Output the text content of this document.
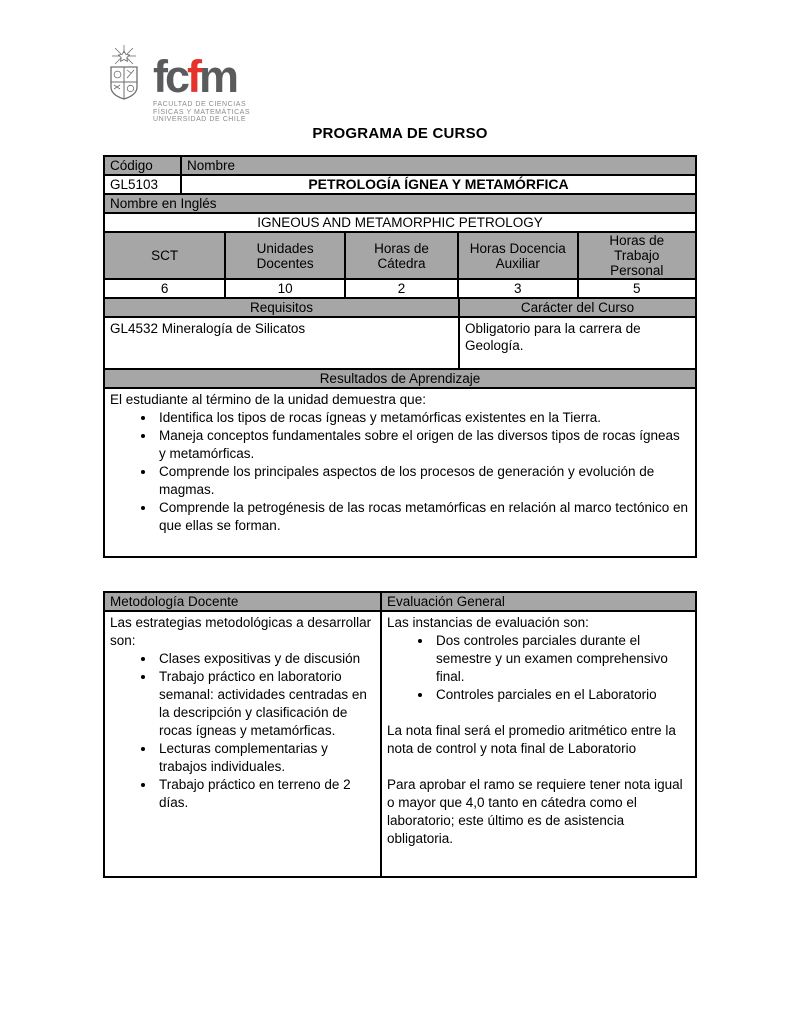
fcfm
FACULTAD DE CIENCIAS
FÍSICAS Y MATEMÁTICAS
UNIVERSIDAD DE CHILE
PROGRAMA DE CURSO
Código	Nombre
GL5103	PETROLOGÍA ÍGNEA Y METAMÓRFICA
Nombre en Inglés	
IGNEOUS AND METAMORPHIC PETROLOGY	
SCT	Unidades Docentes	Horas de Cátedra	Horas Docencia Auxiliar	Horas de Trabajo Personal
6	10	2	3	5
Requisitos	Carácter del Curso
GL4532 Mineralogía de Silicatos	Obligatorio para la carrera de Geología.
Resultados de Aprendizaje

El estudiante al término de la unidad demuestra que:

• Identifica los tipos de rocas ígneas y metamórficas existentes en la Tierra.
• Maneja conceptos fundamentales sobre el origen de las diversos tipos de rocas ígneas y metamórficas.
• Comprende los principales aspectos de los procesos de generación y evolución de magmas.
• Comprende la petrogénesis de las rocas metamórficas en relación al marco tectónico en que ellas se forman.
Metodología Docente	Evaluación General

Las estrategias metodológicas a desarrollar son:

• Clases expositivas y de discusión
• Trabajo práctico en laboratorio semanal: actividades centradas en la descripción y clasificación de rocas ígneas y metamórficas.
• Lecturas complementarias y trabajos individuales.
• Trabajo práctico en terreno de 2 días.

Las instancias de evaluación son:

• Dos controles parciales durante el semestre y un examen comprehensivo final.
• Controles parciales en el Laboratorio

La nota final será el promedio aritmético entre la nota de control y nota final de Laboratorio

Para aprobar el ramo se requiere tener nota igual o mayor que 4,0 tanto en cátedra como el laboratorio; este último es de asistencia obligatoria.
